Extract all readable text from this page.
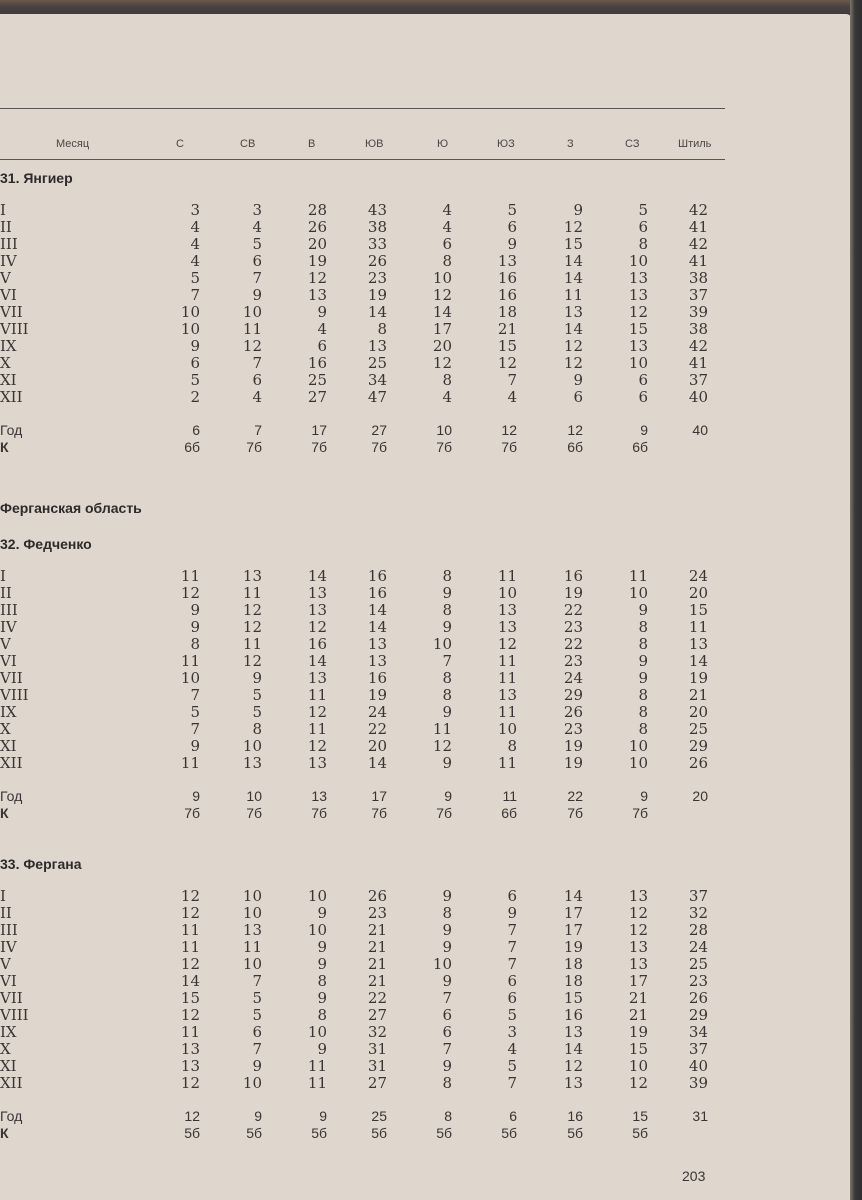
Месяц	С	СВ	В	ЮВ	Ю	ЮЗ	З	СЗ	Штиль
Ферганская область
31. Янгиер
I	3	3	28	43	4	5	9	5	42
II	4	4	26	38	4	6	12	6	41
III	4	5	20	33	6	9	15	8	42
IV	4	6	19	26	8	13	14	10	41
V	5	7	12	23	10	16	14	13	38
VI	7	9	13	19	12	16	11	13	37
VII	10	10	9	14	14	18	13	12	39
VIII	10	11	4	8	17	21	14	15	38
IX	9	12	6	13	20	15	12	13	42
X	6	7	16	25	12	12	12	10	41
XI	5	6	25	34	8	7	9	6	37
XII	2	4	27	47	4	4	6	6	40
Год	6	7	17	27	10	12	12	9	40
К	6б	7б	7б	7б	7б	7б	6б	6б
32. Федченко
I	11	13	14	16	8	11	16	11	24
II	12	11	13	16	9	10	19	10	20
III	9	12	13	14	8	13	22	9	15
IV	9	12	12	14	9	13	23	8	11
V	8	11	16	13	10	12	22	8	13
VI	11	12	14	13	7	11	23	9	14
VII	10	9	13	16	8	11	24	9	19
VIII	7	5	11	19	8	13	29	8	21
IX	5	5	12	24	9	11	26	8	20
X	7	8	11	22	11	10	23	8	25
XI	9	10	12	20	12	8	19	10	29
XII	11	13	13	14	9	11	19	10	26
Год	9	10	13	17	9	11	22	9	20
К	7б	7б	7б	7б	7б	6б	7б	7б
33. Фергана
I	12	10	10	26	9	6	14	13	37
II	12	10	9	23	8	9	17	12	32
III	11	13	10	21	9	7	17	12	28
IV	11	11	9	21	9	7	19	13	24
V	12	10	9	21	10	7	18	13	25
VI	14	7	8	21	9	6	18	17	23
VII	15	5	9	22	7	6	15	21	26
VIII	12	5	8	27	6	5	16	21	29
IX	11	6	10	32	6	3	13	19	34
X	13	7	9	31	7	4	14	15	37
XI	13	9	11	31	9	5	12	10	40
XII	12	10	11	27	8	7	13	12	39
Год	12	9	9	25	8	6	16	15	31
К	5б	5б	5б	5б	5б	5б	5б	5б
203
